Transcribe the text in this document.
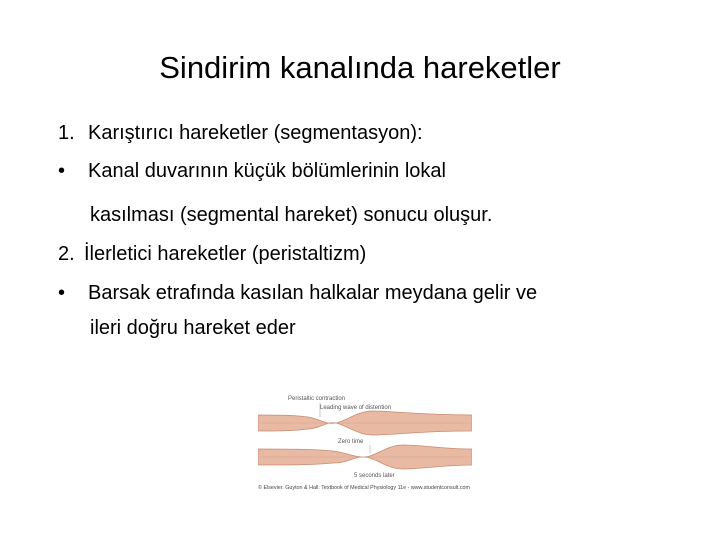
Sindirim kanalında hareketler
1. Karıştırıcı hareketler (segmentasyon):
• Kanal duvarının küçük bölümlerinin lokal
kasılması (segmental hareket) sonucu oluşur.
2. İlerletici hareketler (peristaltizm)
• Barsak etrafında kasılan halkalar meydana gelir ve
ileri doğru hareket eder
Peristaltic contraction
Leading wave of distention
Zero time
5 seconds later
© Elsevier. Guyton & Hall: Textbook of Medical Physiology 11e - www.studentconsult.com
